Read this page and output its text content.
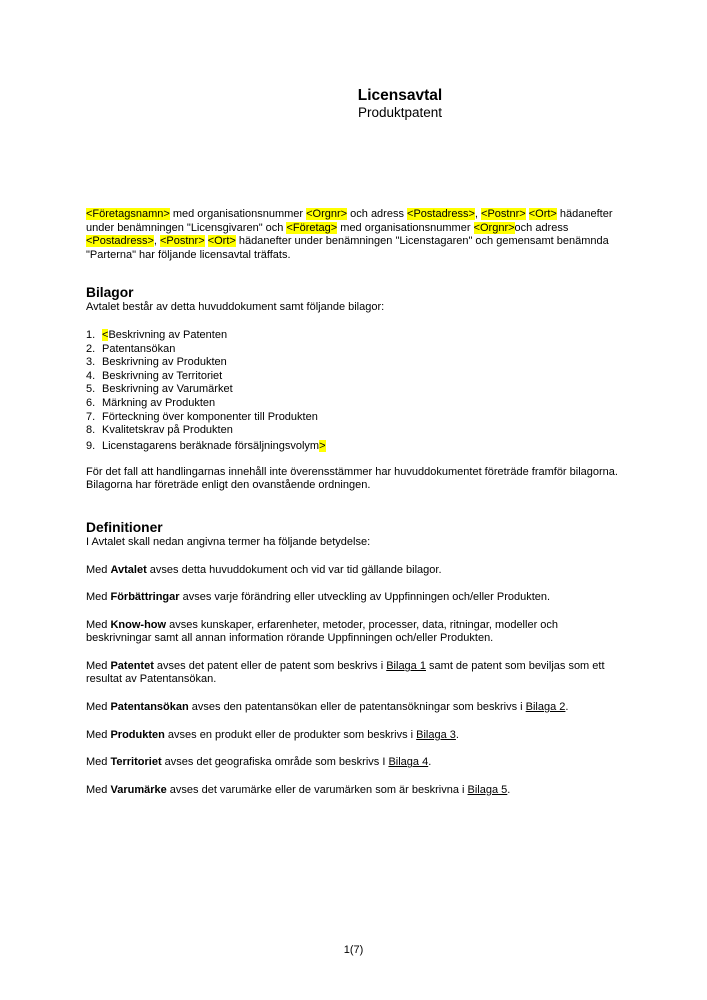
Licensavtal
Produktpatent

<Företagsnamn> med organisationsnummer <Orgnr> och adress <Postadress>, <Postnr> <Ort> hädanefter under benämningen "Licensgivaren" och <Företag> med organisationsnummer <Orgnr>och adress <Postadress>, <Postnr> <Ort> hädanefter under benämningen "Licenstagaren" och gemensamt benämnda "Parterna" har följande licensavtal träffats.

Bilagor

Avtalet består av detta huvuddokument samt följande bilagor:

1. <Beskrivning av Patenten
2. Patentansökan
3. Beskrivning av Produkten
4. Beskrivning av Territoriet
5. Beskrivning av Varumärket
6. Märkning av Produkten
7. Förteckning över komponenter till Produkten
8. Kvalitetskrav på Produkten
9. Licenstagarens beräknade försäljningsvolym>

För det fall att handlingarnas innehåll inte överensstämmer har huvuddokumentet företräde framför bilagorna. Bilagorna har företräde enligt den ovanstående ordningen.

Definitioner

I Avtalet skall nedan angivna termer ha följande betydelse:

Med Avtalet avses detta huvuddokument och vid var tid gällande bilagor.

Med Förbättringar avses varje förändring eller utveckling av Uppfinningen och/eller Produkten.

Med Know-how avses kunskaper, erfarenheter, metoder, processer, data, ritningar, modeller och beskrivningar samt all annan information rörande Uppfinningen och/eller Produkten.

Med Patentet avses det patent eller de patent som beskrivs i Bilaga 1 samt de patent som beviljas som ett resultat av Patentansökan.

Med Patentansökan avses den patentansökan eller de patentansökningar som beskrivs i Bilaga 2.

Med Produkten avses en produkt eller de produkter som beskrivs i Bilaga 3.

Med Territoriet avses det geografiska område som beskrivs I Bilaga 4.

Med Varumärke avses det varumärke eller de varumärken som är beskrivna i Bilaga 5.

1(7)
